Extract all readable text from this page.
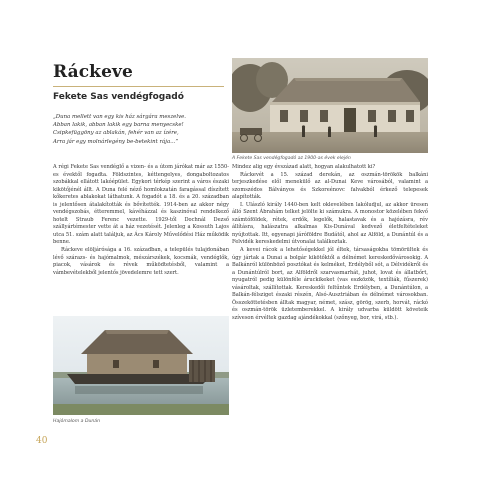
Ráckeve
Fekete Sas vendégfogadó
„Duna mellett van egy kis ház sárgára meszelve.
Abban lakik, abban lakik egy barna menyecske!
Csipkefüggöny az ablakán, fehér van az ízére,
Arra jár egy molnárlegény be-betekint rája…”
A Fekete Sas vendégfogadó az 1900-as évek elején

A régi Fekete Sas vendéglő a vizen- és a útom járókat már az 1550-es évektől fogadta. Földszintes, kéttengelyes, dongaboltozatos szobákkal ellátott lakóépület. Egykori térkép szerint a város északi kikötőjénél állt. A Duna felé néző homlokzatán faragással díszített kőkeretes ablakokat láthatunk. A fogadót a 18. és a 20. században is jelentősen átalakították és bővítették. 1914-ben az akkor négy vendégszobás, étteremmel, kávéházzal és kaszinóval rendelkező hotelt Straub Ferenc vezette. 1929-től Dochnál Dezső szállyártémester vette át a ház vezetését. Jelenleg a Kossuth Lajos utca 51. szám alatt találjuk, az Ács Károly Művelődési Ház működik benne.

Ráckeve elöljárósága a 16. században, a település tulajdonában lévő szárazs- és hajómalmok, mészárszékek, kocsmák, vendéglők, piacok, vásárok és révek működtetésből, valamint a vámbevételekből jelentős jövedelemre tett szert.

Mindez alig egy évszázad alatt, hogyan alakulhatott ki?

Ráckevét a 15. század derekán, az oszmán-törökök balkáni terjeszkedése elől menekülő az al-Dunai Keve városából, valamint a szomszédos Bálványos és Szkoreénovc falvakból érkező telepesek alapították.

I. Ulászló király 1440-ben kelt oklevelében lakóludjul, az akkor üresen álló Szent Ábrahám telket jelölte ki számukra. A monostor közelében fekvő számtóföldek, rétek, erdők, legelők, halastavak és a hajózásra, rév állításra, halászatra alkalmas Kis-Dunával kedvező életfeltételeket nyújtottak. Itt, egyenapi járóföldre Budától, ahol az Alföld, a Dunántúl és a Felvidék kereskedelmi útvonalai találkoztak.

A kevei rácok a lehetőségekkel jól éltek, társaságokba tömörültek és úgy jártak a Dunai a bolgár kikötőktől a délnémet kereskedővárosokig. A Balkánról különböző posztókat és kelméket, Erdélyből sót, a Délvidékről és a Dunántúlról bort, az Alföldről szarvasmarhát, juhot, lovat és állatbőrt, nyugatról pedig különféle áruckikeket (vas eszközök, textíliák, fűszerek) vásároltak, szállítottak. Kereskedői feltűntek Erdélyben, a Dunántúlon, a Balkán-félsziget északi részén, Alsó-Ausztriában és délnémet városokban. Összeköttetésben álltak magyar, német, szász, görög, szerb, horvát, ráckó és oszmán-török üzletemberekkel. A király udvarba küldött követeik szíveson érvéltek gazdag ajándékokkal (szőnyeg, bor, virá, stb.).

Hajómalom a Dunán
40
